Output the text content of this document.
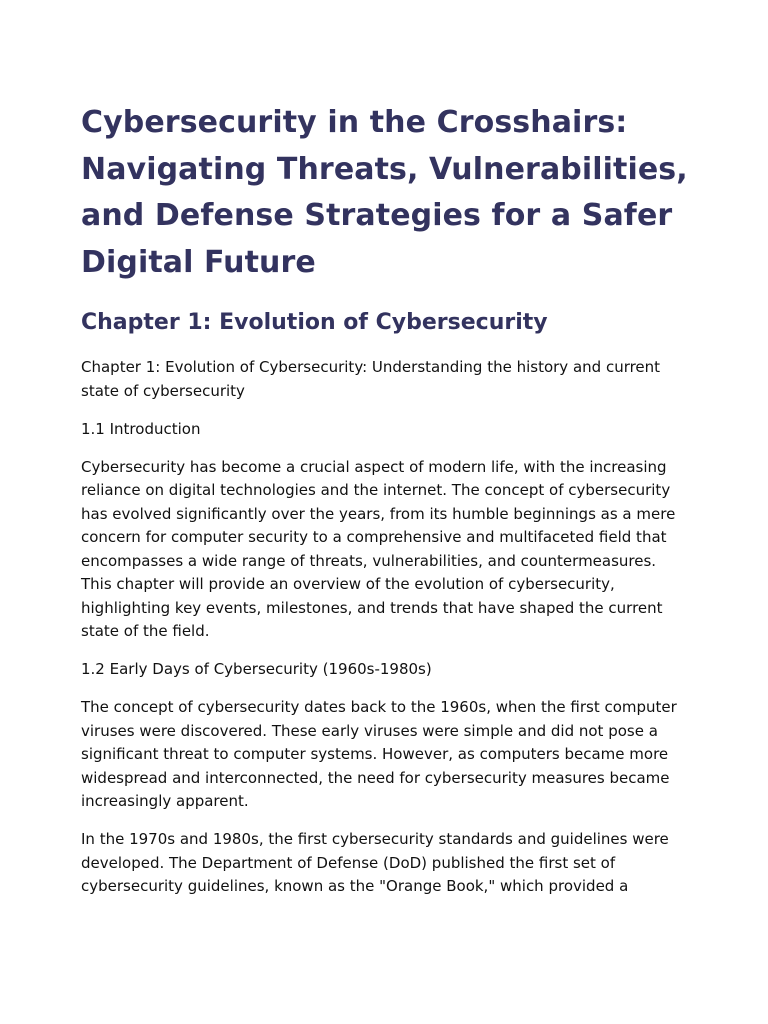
Cybersecurity in the Crosshairs: Navigating Threats, Vulnerabilities, and Defense Strategies for a Safer Digital Future
Chapter 1: Evolution of Cybersecurity

Chapter 1: Evolution of Cybersecurity: Understanding the history and current state of cybersecurity

1.1 Introduction

Cybersecurity has become a crucial aspect of modern life, with the increasing reliance on digital technologies and the internet. The concept of cybersecurity has evolved significantly over the years, from its humble beginnings as a mere concern for computer security to a comprehensive and multifaceted field that encompasses a wide range of threats, vulnerabilities, and countermeasures. This chapter will provide an overview of the evolution of cybersecurity, highlighting key events, milestones, and trends that have shaped the current state of the field.

1.2 Early Days of Cybersecurity (1960s-1980s)

The concept of cybersecurity dates back to the 1960s, when the first computer viruses were discovered. These early viruses were simple and did not pose a significant threat to computer systems. However, as computers became more widespread and interconnected, the need for cybersecurity measures became increasingly apparent.

In the 1970s and 1980s, the first cybersecurity standards and guidelines were developed. The Department of Defense (DoD) published the first set of cybersecurity guidelines, known as the "Orange Book," which provided a
